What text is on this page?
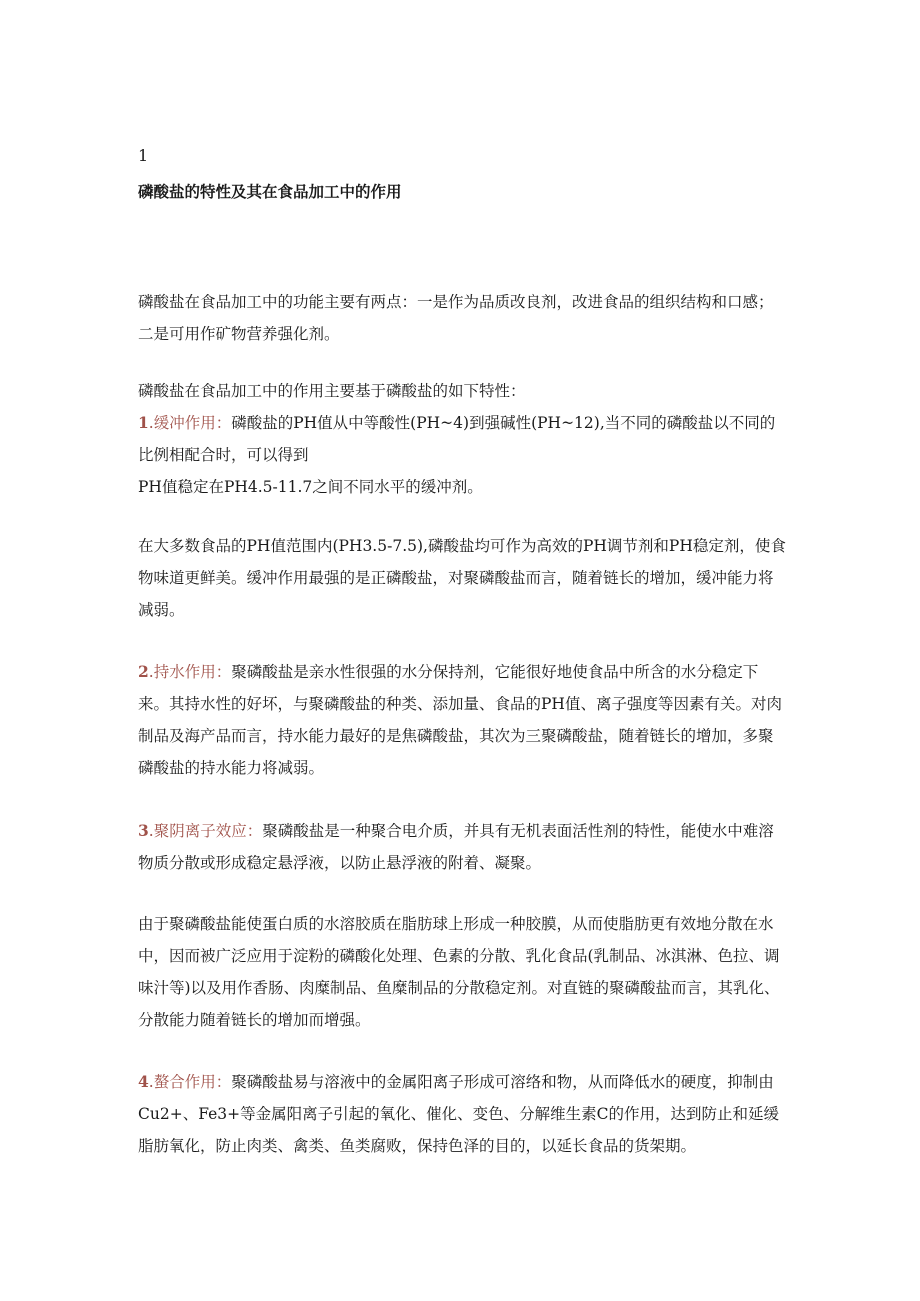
1
磷酸盐的特性及其在食品加工中的作用

磷酸盐在食品加工中的功能主要有两点：一是作为品质改良剂，改进食品的组织结构和口感；二是可用作矿物营养强化剂。

磷酸盐在食品加工中的作用主要基于磷酸盐的如下特性：

1.缓冲作用：磷酸盐的PH值从中等酸性(PH~4)到强碱性(PH~12),当不同的磷酸盐以不同的比例相配合时，可以得到

PH值稳定在PH4.5-11.7之间不同水平的缓冲剂。

在大多数食品的PH值范围内(PH3.5-7.5),磷酸盐均可作为高效的PH调节剂和PH稳定剂，使食物味道更鲜美。缓冲作用最强的是正磷酸盐，对聚磷酸盐而言，随着链长的增加，缓冲能力将减弱。

2.持水作用：聚磷酸盐是亲水性很强的水分保持剂，它能很好地使食品中所含的水分稳定下来。其持水性的好坏，与聚磷酸盐的种类、添加量、食品的PH值、离子强度等因素有关。对肉制品及海产品而言，持水能力最好的是焦磷酸盐，其次为三聚磷酸盐，随着链长的增加，多聚磷酸盐的持水能力将减弱。

3.聚阴离子效应：聚磷酸盐是一种聚合电介质，并具有无机表面活性剂的特性，能使水中难溶物质分散或形成稳定悬浮液，以防止悬浮液的附着、凝聚。

由于聚磷酸盐能使蛋白质的水溶胶质在脂肪球上形成一种胶膜，从而使脂肪更有效地分散在水中，因而被广泛应用于淀粉的磷酸化处理、色素的分散、乳化食品(乳制品、冰淇淋、色拉、调味汁等)以及用作香肠、肉糜制品、鱼糜制品的分散稳定剂。对直链的聚磷酸盐而言，其乳化、分散能力随着链长的增加而增强。

4.螯合作用：聚磷酸盐易与溶液中的金属阳离子形成可溶络和物，从而降低水的硬度，抑制由Cu2+、Fe3+等金属阳离子引起的氧化、催化、变色、分解维生素C的作用，达到防止和延缓脂肪氧化，防止肉类、禽类、鱼类腐败，保持色泽的目的，以延长食品的货架期。
